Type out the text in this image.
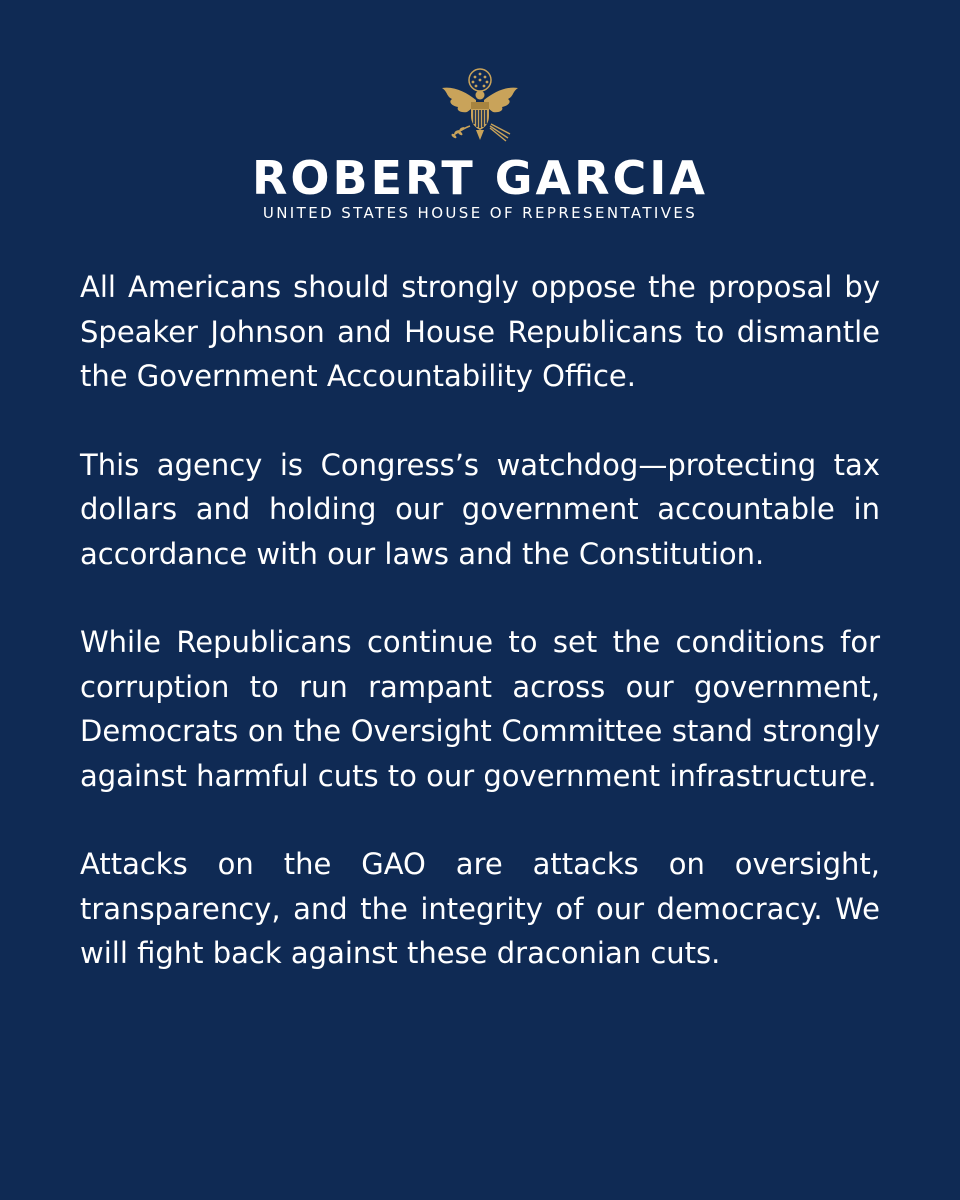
ROBERT GARCIA
UNITED STATES HOUSE OF REPRESENTATIVES

All Americans should strongly oppose the proposal by Speaker Johnson and House Republicans to dismantle the Government Accountability Office.

This agency is Congress’s watchdog—protecting tax dollars and holding our government accountable in accordance with our laws and the Constitution.

While Republicans continue to set the conditions for corruption to run rampant across our government, Democrats on the Oversight Committee stand strongly against harmful cuts to our government infrastructure.

Attacks on the GAO are attacks on oversight, transparency, and the integrity of our democracy. We will fight back against these draconian cuts.
